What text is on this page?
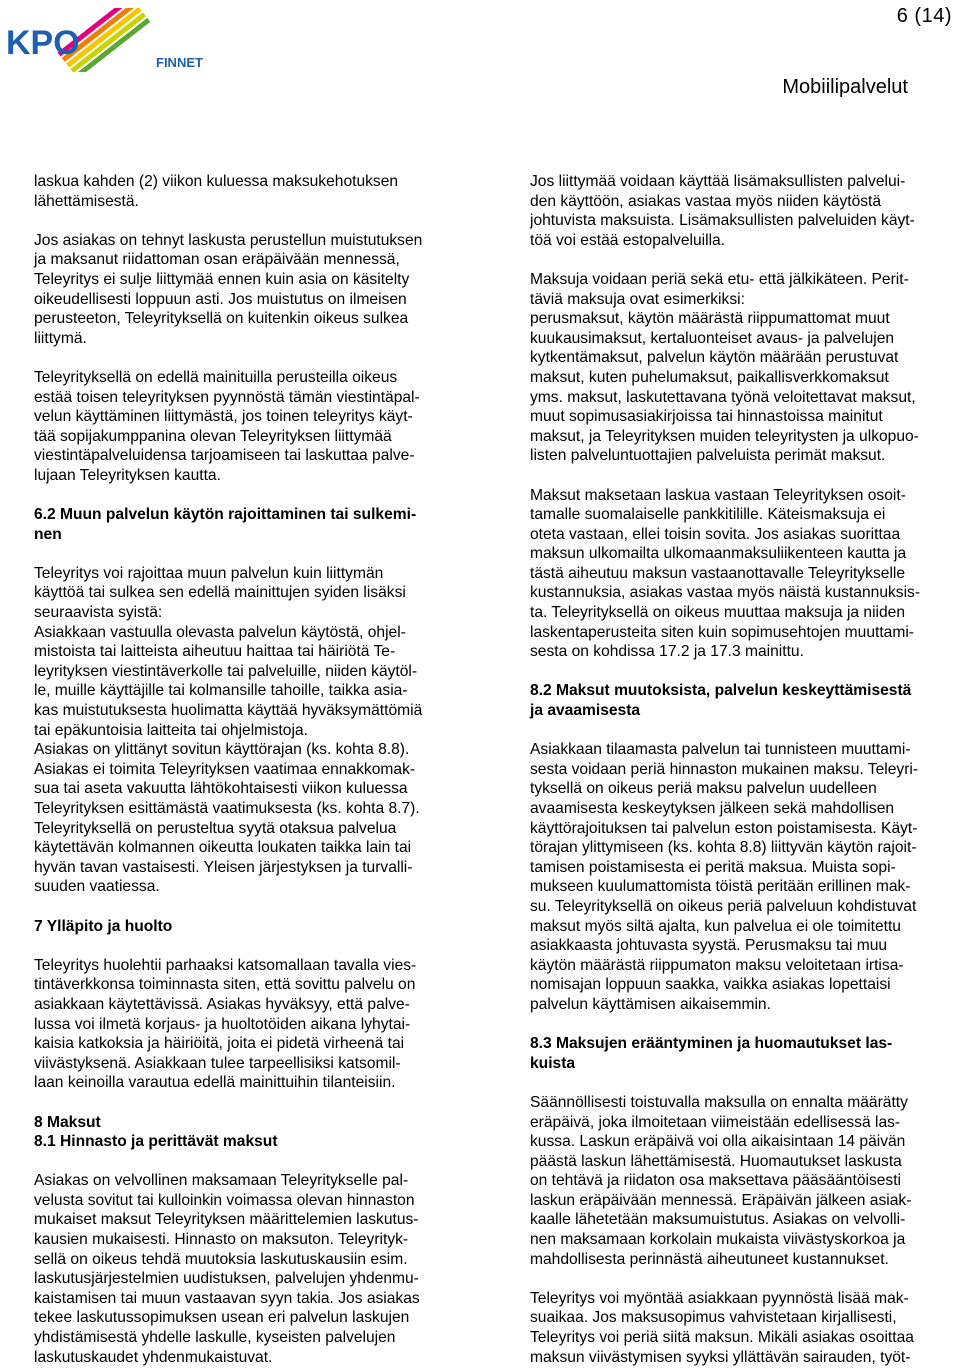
6 (14)
KPO
FINNET
Mobiilipalvelut

laskua kahden (2) viikon kuluessa maksukehotuksen
lähettämisestä.

Jos asiakas on tehnyt laskusta perustellun muistutuksen
ja maksanut riidattoman osan eräpäivään mennessä,
Teleyritys ei sulje liittymää ennen kuin asia on käsitelty
oikeudellisesti loppuun asti. Jos muistutus on ilmeisen
perusteeton, Teleyrityksellä on kuitenkin oikeus sulkea
liittymä.

Teleyrityksellä on edellä mainituilla perusteilla oikeus
estää toisen teleyrityksen pyynnöstä tämän viestintäpal-
velun käyttäminen liittymästä, jos toinen teleyritys käyt-
tää sopijakumppanina olevan Teleyrityksen liittymää
viestintäpalveluidensa tarjoamiseen tai laskuttaa palve-
lujaan Teleyrityksen kautta.

6.2 Muun palvelun käytön rajoittaminen tai sulkemi-
nen

Teleyritys voi rajoittaa muun palvelun kuin liittymän
käyttöä tai sulkea sen edellä mainittujen syiden lisäksi
seuraavista syistä:
Asiakkaan vastuulla olevasta palvelun käytöstä, ohjel-
mistoista tai laitteista aiheutuu haittaa tai häiriötä Te-
leyrityksen viestintäverkolle tai palveluille, niiden käytöl-
le, muille käyttäjille tai kolmansille tahoille, taikka asia-
kas muistutuksesta huolimatta käyttää hyväksymättömiä
tai epäkuntoisia laitteita tai ohjelmistoja.
Asiakas on ylittänyt sovitun käyttörajan (ks. kohta 8.8).
Asiakas ei toimita Teleyrityksen vaatimaa ennakkomak-
sua tai aseta vakuutta lähtökohtaisesti viikon kuluessa
Teleyrityksen esittämästä vaatimuksesta (ks. kohta 8.7).
Teleyrityksellä on perusteltua syytä otaksua palvelua
käytettävän kolmannen oikeutta loukaten taikka lain tai
hyvän tavan vastaisesti. Yleisen järjestyksen ja turvalli-
suuden vaatiessa.

7 Ylläpito ja huolto

Teleyritys huolehtii parhaaksi katsomallaan tavalla vies-
tintäverkkonsa toiminnasta siten, että sovittu palvelu on
asiakkaan käytettävissä. Asiakas hyväksyy, että palve-
lussa voi ilmetä korjaus- ja huoltotöiden aikana lyhytai-
kaisia katkoksia ja häiriöitä, joita ei pidetä virheenä tai
viivästyksenä. Asiakkaan tulee tarpeellisiksi katsomil-
laan keinoilla varautua edellä mainittuihin tilanteisiin.

8 Maksut
8.1 Hinnasto ja perittävät maksut

Asiakas on velvollinen maksamaan Teleyritykselle pal-
velusta sovitut tai kulloinkin voimassa olevan hinnaston
mukaiset maksut Teleyrityksen määrittelemien laskutus-
kausien mukaisesti. Hinnasto on maksuton. Teleyrityk-
sellä on oikeus tehdä muutoksia laskutuskausiin esim.
laskutusjärjestelmien uudistuksen, palvelujen yhdenmu-
kaistamisen tai muun vastaavan syyn takia. Jos asiakas
tekee laskutussopimuksen usean eri palvelun laskujen
yhdistämisestä yhdelle laskulle, kyseisten palvelujen
laskutuskaudet yhdenmukaistuvat.

Jos liittymää voidaan käyttää lisämaksullisten palvelui-
den käyttöön, asiakas vastaa myös niiden käytöstä
johtuvista maksuista. Lisämaksullisten palveluiden käyt-
töä voi estää estopalveluilla.

Maksuja voidaan periä sekä etu- että jälkikäteen. Perit-
täviä maksuja ovat esimerkiksi:
perusmaksut, käytön määrästä riippumattomat muut
kuukausimaksut, kertaluonteiset avaus- ja palvelujen
kytkentämaksut, palvelun käytön määrään perustuvat
maksut, kuten puhelumaksut, paikallisverkkomaksut
yms. maksut, laskutettavana työnä veloitettavat maksut,
muut sopimusasiakirjoissa tai hinnastoissa mainitut
maksut, ja Teleyrityksen muiden teleyritysten ja ulkopuo-
listen palveluntuottajien palveluista perimät maksut.

Maksut maksetaan laskua vastaan Teleyrityksen osoit-
tamalle suomalaiselle pankkitilille. Käteismaksuja ei
oteta vastaan, ellei toisin sovita. Jos asiakas suorittaa
maksun ulkomailta ulkomaanmaksuliikenteen kautta ja
tästä aiheutuu maksun vastaanottavalle Teleyritykselle
kustannuksia, asiakas vastaa myös näistä kustannuksis-
ta. Teleyrityksellä on oikeus muuttaa maksuja ja niiden
laskentaperusteita siten kuin sopimusehtojen muuttami-
sesta on kohdissa 17.2 ja 17.3 mainittu.

8.2 Maksut muutoksista, palvelun keskeyttämisestä
ja avaamisesta

Asiakkaan tilaamasta palvelun tai tunnisteen muuttami-
sesta voidaan periä hinnaston mukainen maksu. Teleyri-
tyksellä on oikeus periä maksu palvelun uudelleen
avaamisesta keskeytyksen jälkeen sekä mahdollisen
käyttörajoituksen tai palvelun eston poistamisesta. Käyt-
törajan ylittymiseen (ks. kohta 8.8) liittyvän käytön rajoit-
tamisen poistamisesta ei peritä maksua. Muista sopi-
mukseen kuulumattomista töistä peritään erillinen mak-
su. Teleyrityksellä on oikeus periä palveluun kohdistuvat
maksut myös siltä ajalta, kun palvelua ei ole toimitettu
asiakkaasta johtuvasta syystä. Perusmaksu tai muu
käytön määrästä riippumaton maksu veloitetaan irtisa-
nomisajan loppuun saakka, vaikka asiakas lopettaisi
palvelun käyttämisen aikaisemmin.

8.3 Maksujen erääntyminen ja huomautukset las-
kuista

Säännöllisesti toistuvalla maksulla on ennalta määrätty
eräpäivä, joka ilmoitetaan viimeistään edellisessä las-
kussa. Laskun eräpäivä voi olla aikaisintaan 14 päivän
päästä laskun lähettämisestä. Huomautukset laskusta
on tehtävä ja riidaton osa maksettava pääsääntöisesti
laskun eräpäivään mennessä. Eräpäivän jälkeen asiak-
kaalle lähetetään maksumuistutus. Asiakas on velvolli-
nen maksamaan korkolain mukaista viivästyskorkoa ja
mahdollisesta perinnästä aiheutuneet kustannukset.

Teleyritys voi myöntää asiakkaan pyynnöstä lisää mak-
suaikaa. Jos maksusopimus vahvistetaan kirjallisesti,
Teleyritys voi periä siitä maksun. Mikäli asiakas osoittaa
maksun viivästymisen syyksi yllättävän sairauden, työt-
